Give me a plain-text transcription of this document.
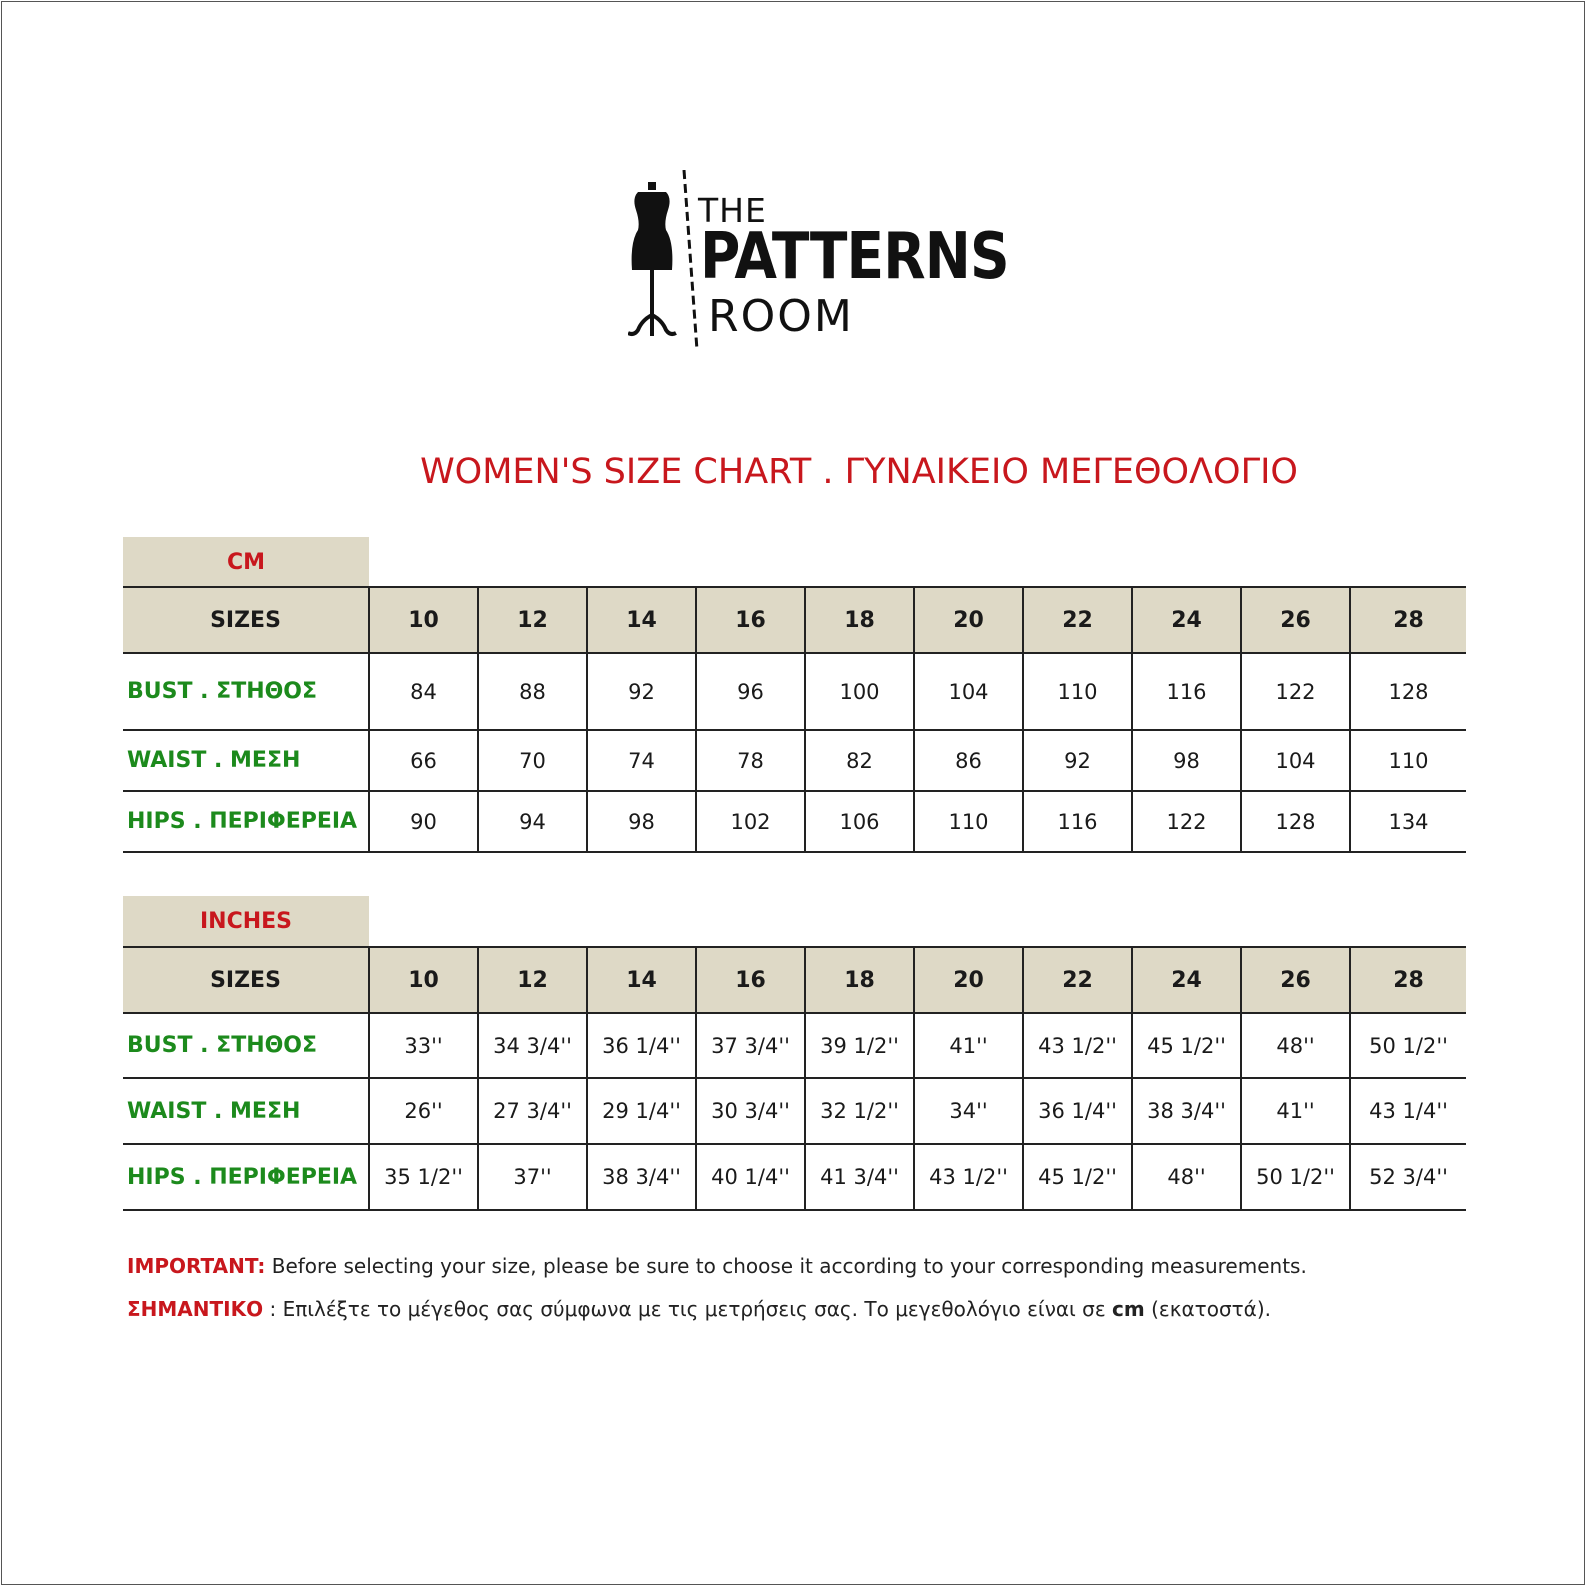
THE
PATTERNS
ROOM
WOMEN'S SIZE CHART . ΓΥΝΑΙΚΕΙΟ ΜΕΓΕΘΟΛΟΓΙΟ
CM
SIZES	10	12	14	16	18	20	22	24	26	28
BUST . ΣΤΗΘΟΣ	84	88	92	96	100	104	110	116	122	128
WAIST . ΜΕΣΗ	66	70	74	78	82	86	92	98	104	110
HIPS . ΠΕΡΙΦΕΡΕΙΑ	90	94	98	102	106	110	116	122	128	134
INCHES
SIZES	10	12	14	16	18	20	22	24	26	28
BUST . ΣΤΗΘΟΣ	33''	34 3/4''	36 1/4''	37 3/4''	39 1/2''	41''	43 1/2''	45 1/2''	48''	50 1/2''
WAIST . ΜΕΣΗ	26''	27 3/4''	29 1/4''	30 3/4''	32 1/2''	34''	36 1/4''	38 3/4''	41''	43 1/4''
HIPS . ΠΕΡΙΦΕΡΕΙΑ	35 1/2''	37''	38 3/4''	40 1/4''	41 3/4''	43 1/2''	45 1/2''	48''	50 1/2''	52 3/4''
IMPORTANT: Before selecting your size, please be sure to choose it according to your corresponding measurements.
ΣΗΜΑΝΤΙΚΟ : Επιλέξτε το μέγεθος σας σύμφωνα με τις μετρήσεις σας. Το μεγεθολόγιο είναι σε cm (εκατοστά).
